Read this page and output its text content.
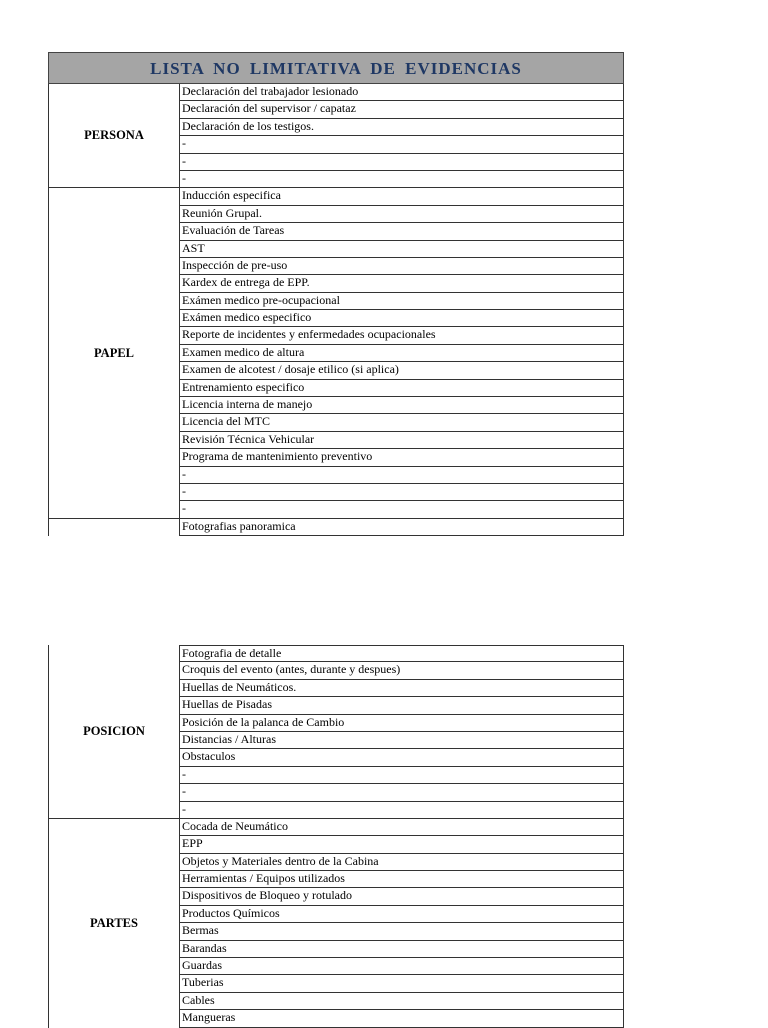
LISTA NO LIMITATIVA DE EVIDENCIAS
PERSONA
Declaración del trabajador lesionado
Declaración del supervisor / capataz
Declaración de los testigos.
-
-
-
PAPEL
Inducción especifica
Reunión Grupal.
Evaluación de Tareas
AST
Inspección de pre-uso
Kardex de entrega de EPP.
Exámen medico pre-ocupacional
Exámen medico especifico
Reporte de incidentes y enfermedades ocupacionales
Examen medico de altura
Examen de alcotest / dosaje etilico (si aplica)
Entrenamiento especifico
Licencia interna de manejo
Licencia del MTC
Revisión Técnica Vehicular
Programa de mantenimiento preventivo
-
-
-
Fotografias panoramica
POSICION
Fotografia de detalle
Croquis del evento (antes, durante y despues)
Huellas de Neumáticos.
Huellas de Pisadas
Posición de la palanca de Cambio
Distancias / Alturas
Obstaculos
-
-
-
PARTES
Cocada de Neumático
EPP
Objetos y Materiales dentro de la Cabina
Herramientas / Equipos utilizados
Dispositivos de Bloqueo y rotulado
Productos Químicos
Bermas
Barandas
Guardas
Tuberias
Cables
Mangueras
